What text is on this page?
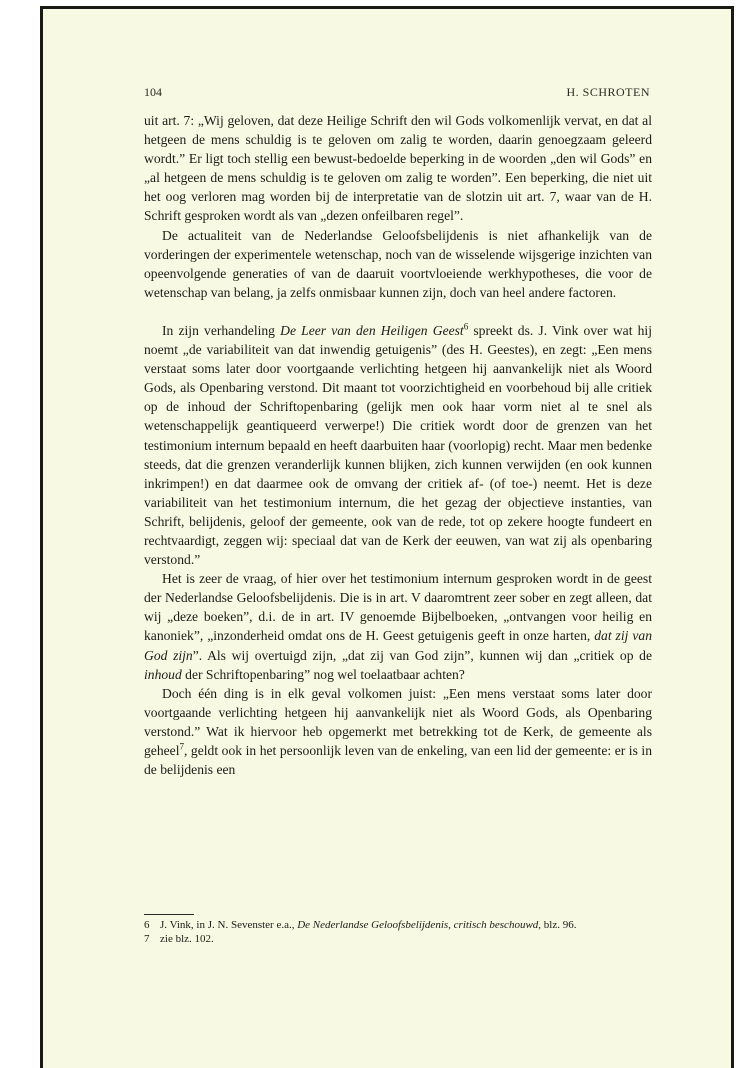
104	H. SCHROTEN

uit art. 7: „Wij geloven, dat deze Heilige Schrift den wil Gods volkomenlijk vervat, en dat al hetgeen de mens schuldig is te geloven om zalig te worden, daarin genoegzaam geleerd wordt.” Er ligt toch stellig een bewust-bedoelde beperking in de woorden „den wil Gods” en „al hetgeen de mens schuldig is te geloven om zalig te worden”. Een beperking, die niet uit het oog verloren mag worden bij de interpretatie van de slotzin uit art. 7, waar van de H. Schrift gesproken wordt als van „dezen onfeilbaren regel”.

De actualiteit van de Nederlandse Geloofsbelijdenis is niet afhankelijk van de vorderingen der experimentele wetenschap, noch van de wisselende wijsgerige inzichten van opeenvolgende generaties of van de daaruit voortvloeiende werkhypotheses, die voor de wetenschap van belang, ja zelfs onmisbaar kunnen zijn, doch van heel andere factoren.

In zijn verhandeling De Leer van den Heiligen Geest$^6$ spreekt ds. J. Vink over wat hij noemt „de variabiliteit van dat inwendig getuigenis” (des H. Geestes), en zegt: „Een mens verstaat soms later door voortgaande verlichting hetgeen hij aanvankelijk niet als Woord Gods, als Openbaring verstond. Dit maant tot voorzichtigheid en voorbehoud bij alle critiek op de inhoud der Schriftopenbaring (gelijk men ook haar vorm niet al te snel als wetenschappelijk geantiqueerd verwerpe!) Die critiek wordt door de grenzen van het testimonium internum bepaald en heeft daarbuiten haar (voorlopig) recht. Maar men bedenke steeds, dat die grenzen veranderlijk kunnen blijken, zich kunnen verwijden (en ook kunnen inkrimpen!) en dat daarmee ook de omvang der critiek af- (of toe-) neemt. Het is deze variabiliteit van het testimonium internum, die het gezag der objectieve instanties, van Schrift, belijdenis, geloof der gemeente, ook van de rede, tot op zekere hoogte fundeert en rechtvaardigt, zeggen wij: speciaal dat van de Kerk der eeuwen, van wat zij als openbaring verstond.”

Het is zeer de vraag, of hier over het testimonium internum gesproken wordt in de geest der Nederlandse Geloofsbelijdenis. Die is in art. V daaromtrent zeer sober en zegt alleen, dat wij „deze boeken”, d.i. de in art. IV genoemde Bijbelboeken, „ontvangen voor heilig en kanoniek”, „inzonderheid omdat ons de H. Geest getuigenis geeft in onze harten, dat zij van God zijn”. Als wij overtuigd zijn, „dat zij van God zijn”, kunnen wij dan „critiek op de inhoud der Schriftopenbaring” nog wel toelaatbaar achten?

Doch één ding is in elk geval volkomen juist: „Een mens verstaat soms later door voortgaande verlichting hetgeen hij aanvankelijk niet als Woord Gods, als Openbaring verstond.” Wat ik hiervoor heb opgemerkt met betrekking tot de Kerk, de gemeente als geheel$^7$, geldt ook in het persoonlijk leven van de enkeling, van een lid der gemeente: er is in de belijdenis een

6 J. Vink, in J. N. Sevenster e.a., De Nederlandse Geloofsbelijdenis, critisch beschouwd, blz. 96.
7 zie blz. 102.
